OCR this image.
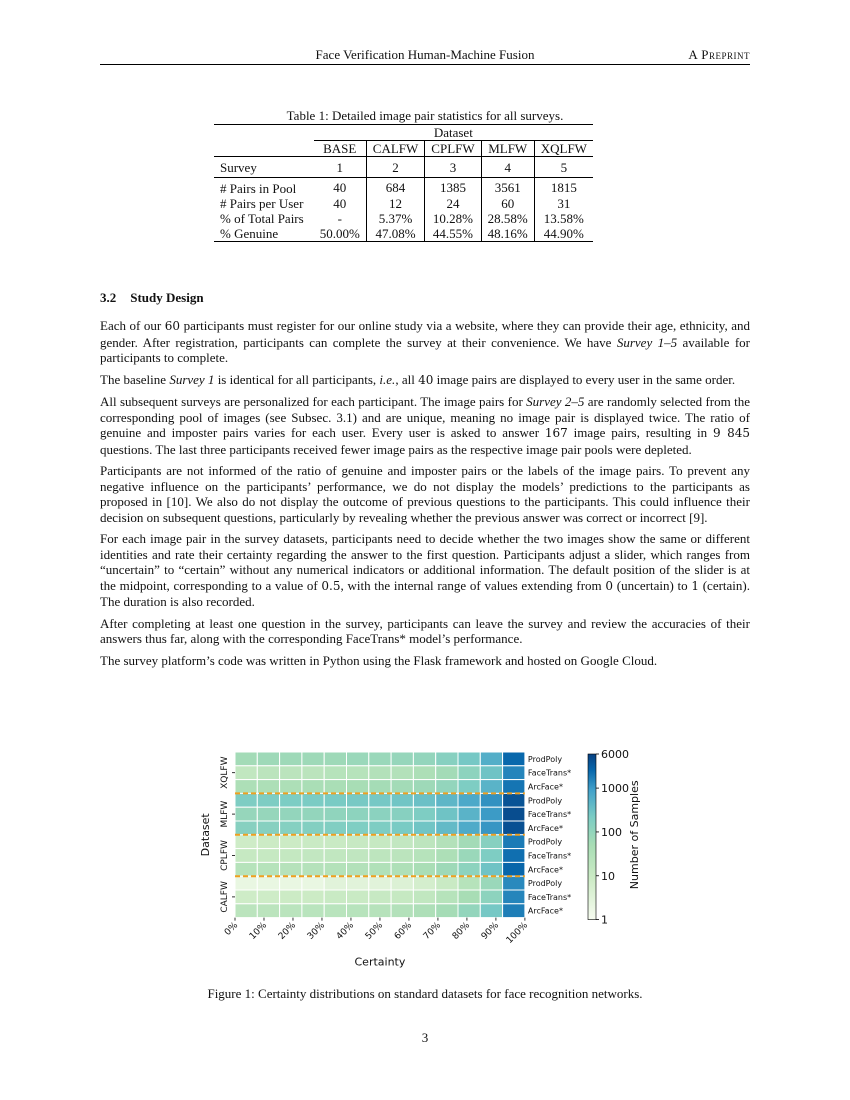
Face Verification Human-Machine Fusion	A Preprint
Table 1: Detailed image pair statistics for all surveys.
	Dataset				
	BASE	CALFW	CPLFW	MLFW	XQLFW
Survey	1	2	3	4	5
# Pairs in Pool	40	684	1385	3561	1815
# Pairs per User	40	12	24	60	31
% of Total Pairs	-	5.37%	10.28%	28.58%	13.58%
% Genuine	50.00%	47.08%	44.55%	48.16%	44.90%
3.2 Study Design

Each of our 60 participants must register for our online study via a website, where they can provide their age, ethnicity, and gender. After registration, participants can complete the survey at their convenience. We have Survey 1–5 available for participants to complete.

The baseline Survey 1 is identical for all participants, i.e., all 40 image pairs are displayed to every user in the same order.

All subsequent surveys are personalized for each participant. The image pairs for Survey 2–5 are randomly selected from the corresponding pool of images (see Subsec. 3.1) and are unique, meaning no image pair is displayed twice. The ratio of genuine and imposter pairs varies for each user. Every user is asked to answer 167 image pairs, resulting in 9 845 questions. The last three participants received fewer image pairs as the respective image pair pools were depleted.

Participants are not informed of the ratio of genuine and imposter pairs or the labels of the image pairs. To prevent any negative influence on the participants’ performance, we do not display the models’ predictions to the participants as proposed in [10]. We also do not display the outcome of previous questions to the participants. This could influence their decision on subsequent questions, particularly by revealing whether the previous answer was correct or incorrect [9].

For each image pair in the survey datasets, participants need to decide whether the two images show the same or different identities and rate their certainty regarding the answer to the first question. Participants adjust a slider, which ranges from “uncertain” to “certain” without any numerical indicators or additional information. The default position of the slider is at the midpoint, corresponding to a value of 0.5, with the internal range of values extending from 0 (uncertain) to 1 (certain). The duration is also recorded.

After completing at least one question in the survey, participants can leave the survey and review the accuracies of their answers thus far, along with the corresponding FaceTrans* model’s performance.

The survey platform’s code was written in Python using the Flask framework and hosted on Google Cloud.

ProdPoly
FaceTrans*
ArcFace*
ProdPoly
FaceTrans*
ArcFace*
ProdPoly
FaceTrans*
ArcFace*
ProdPoly
FaceTrans*
ArcFace*
XQLFW
MLFW
CPLFW
CALFW
Dataset
0% 10% 20% 30% 40% 50% 60% 70% 80% 90% 100%
Certainty
1
10
100
1000
6000
Number of Samples
Figure 1: Certainty distributions on standard datasets for face recognition networks.
3
